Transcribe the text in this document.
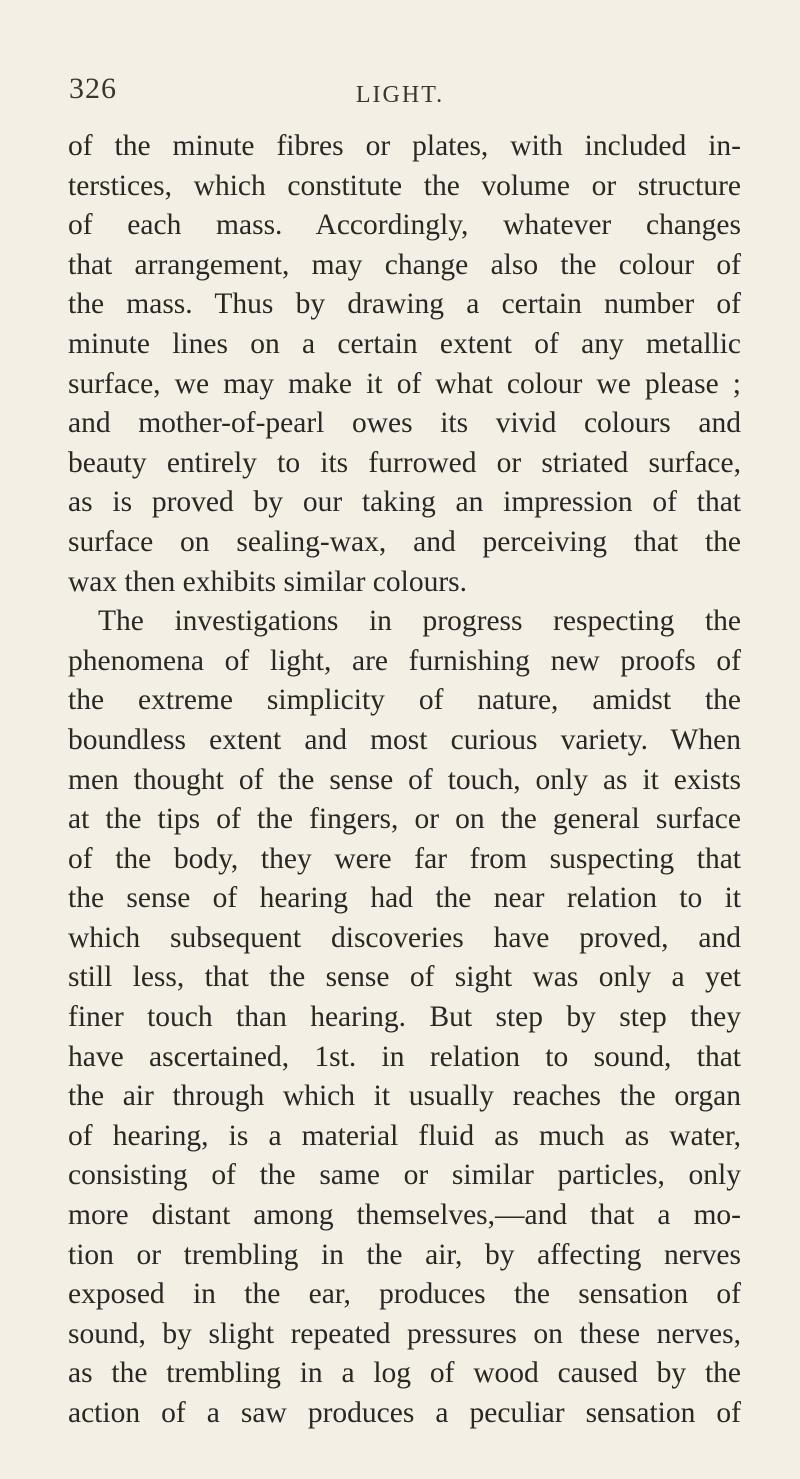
326	LIGHT.
of the minute fibres or plates, with included in-
terstices, which constitute the volume or structure
of each mass. Accordingly, whatever changes
that arrangement, may change also the colour of
the mass. Thus by drawing a certain number of
minute lines on a certain extent of any metallic
surface, we may make it of what colour we please ;
and mother-of-pearl owes its vivid colours and
beauty entirely to its furrowed or striated surface,
as is proved by our taking an impression of that
surface on sealing-wax, and perceiving that the
wax then exhibits similar colours.
The investigations in progress respecting the
phenomena of light, are furnishing new proofs of
the extreme simplicity of nature, amidst the
boundless extent and most curious variety. When
men thought of the sense of touch, only as it exists
at the tips of the fingers, or on the general surface
of the body, they were far from suspecting that
the sense of hearing had the near relation to it
which subsequent discoveries have proved, and
still less, that the sense of sight was only a yet
finer touch than hearing. But step by step they
have ascertained, 1st. in relation to sound, that
the air through which it usually reaches the organ
of hearing, is a material fluid as much as water,
consisting of the same or similar particles, only
more distant among themselves,—and that a mo-
tion or trembling in the air, by affecting nerves
exposed in the ear, produces the sensation of
sound, by slight repeated pressures on these nerves,
as the trembling in a log of wood caused by the
action of a saw produces a peculiar sensation of
